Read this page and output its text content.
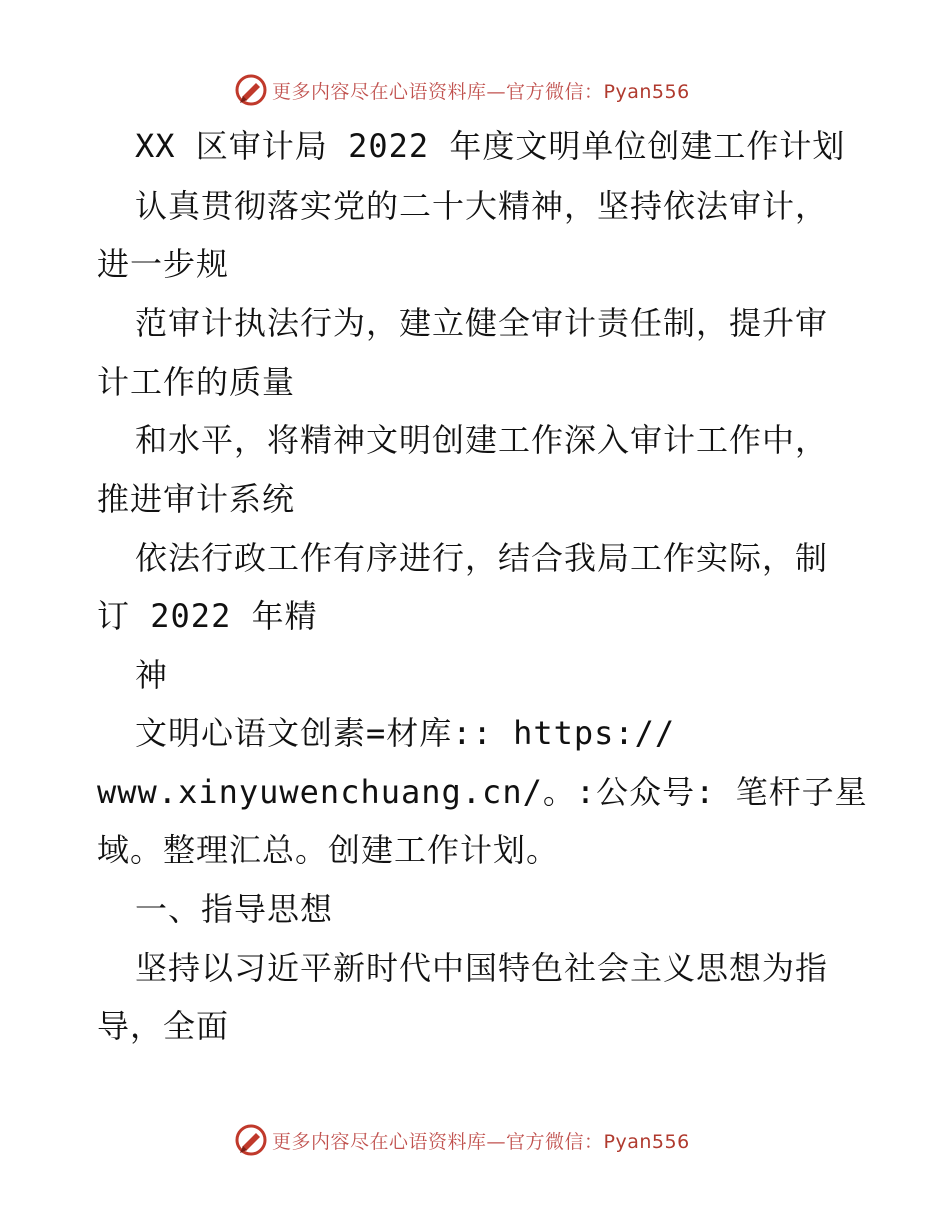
更多内容尽在心语资料库—官方微信：Pyan556
XX 区审计局 2022 年度文明单位创建工作计划
认真贯彻落实党的二十大精神，坚持依法审计，
进一步规
范审计执法行为，建立健全审计责任制，提升审
计工作的质量
和水平，将精神文明创建工作深入审计工作中，
推进审计系统
依法行政工作有序进行，结合我局工作实际，制
订 2022 年精
神
文明心语文创素=材库:: https://
www.xinyuwenchuang.cn/。:公众号: 笔杆子星
域。整理汇总。创建工作计划。
一、指导思想
坚持以习近平新时代中国特色社会主义思想为指
导，全面
更多内容尽在心语资料库—官方微信：Pyan556
